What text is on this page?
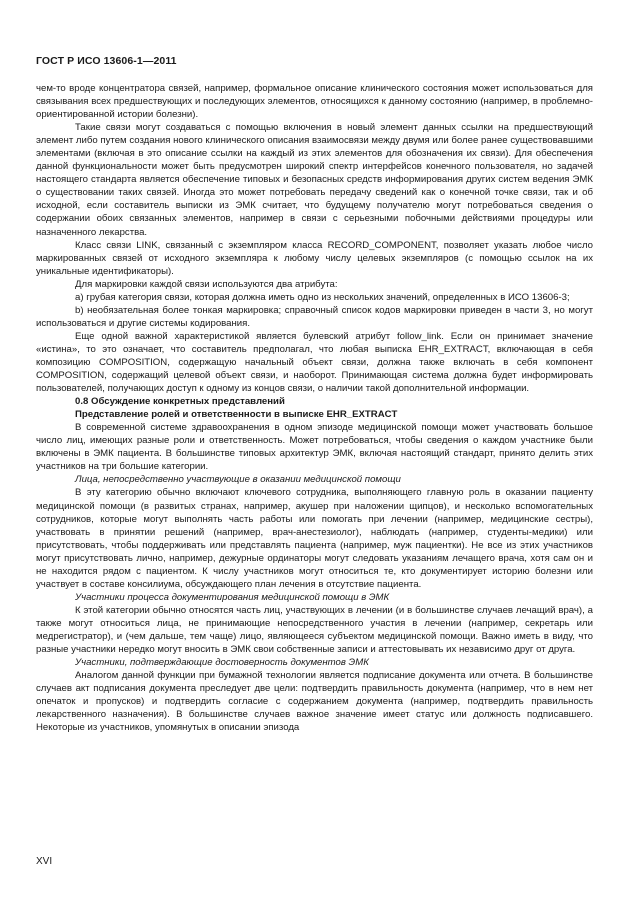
ГОСТ Р ИСО 13606-1—2011

чем-то вроде концентратора связей, например, формальное описание клинического состояния может использоваться для связывания всех предшествующих и последующих элементов, относящихся к данному состоянию (например, в проблемно-ориентированной истории болезни).

Такие связи могут создаваться с помощью включения в новый элемент данных ссылки на предшествующий элемент либо путем создания нового клинического описания взаимосвязи между двумя или более ранее существовавшими элементами (включая в это описание ссылки на каждый из этих элементов для обозначения их связи). Для обеспечения данной функциональности может быть предусмотрен широкий спектр интерфейсов конечного пользователя, но задачей настоящего стандарта является обеспечение типовых и безопасных средств информирования других систем ведения ЭМК о существовании таких связей. Иногда это может потребовать передачу сведений как о конечной точке связи, так и об исходной, если составитель выписки из ЭМК считает, что будущему получателю могут потребоваться сведения о содержании обоих связанных элементов, например в связи с серьезными побочными действиями процедуры или назначенного лекарства.

Класс связи LINK, связанный с экземпляром класса RECORD_COMPONENT, позволяет указать любое число маркированных связей от исходного экземпляра к любому числу целевых экземпляров (с помощью ссылок на их уникальные идентификаторы).

Для маркировки каждой связи используются два атрибута:

a) грубая категория связи, которая должна иметь одно из нескольких значений, определенных в ИСО 13606-3;

b) необязательная более тонкая маркировка; справочный список кодов маркировки приведен в части 3, но могут использоваться и другие системы кодирования.

Еще одной важной характеристикой является булевский атрибут follow_link. Если он принимает значение «истина», то это означает, что составитель предполагал, что любая выписка EHR_EXTRACT, включающая в себя композицию COMPOSITION, содержащую начальный объект связи, должна также включать в себя компонент COMPOSITION, содержащий целевой объект связи, и наоборот. Принимающая система должна будет информировать пользователей, получающих доступ к одному из концов связи, о наличии такой дополнительной информации.

0.8 Обсуждение конкретных представлений

Представление ролей и ответственности в выписке EHR_EXTRACT

В современной системе здравоохранения в одном эпизоде медицинской помощи может участвовать большое число лиц, имеющих разные роли и ответственность. Может потребоваться, чтобы сведения о каждом участнике были включены в ЭМК пациента. В большинстве типовых архитектур ЭМК, включая настоящий стандарт, принято делить этих участников на три большие категории.

Лица, непосредственно участвующие в оказании медицинской помощи

В эту категорию обычно включают ключевого сотрудника, выполняющего главную роль в оказании пациенту медицинской помощи (в развитых странах, например, акушер при наложении щипцов), и несколько вспомогательных сотрудников, которые могут выполнять часть работы или помогать при лечении (например, медицинские сестры), участвовать в принятии решений (например, врач-анестезиолог), наблюдать (например, студенты-медики) или присутствовать, чтобы поддерживать или представлять пациента (например, муж пациентки). Не все из этих участников могут присутствовать лично, например, дежурные ординаторы могут следовать указаниям лечащего врача, хотя сам он и не находится рядом с пациентом. К числу участников могут относиться те, кто документирует историю болезни или участвует в составе консилиума, обсуждающего план лечения в отсутствие пациента.

Участники процесса документирования медицинской помощи в ЭМК

К этой категории обычно относятся часть лиц, участвующих в лечении (и в большинстве случаев лечащий врач), а также могут относиться лица, не принимающие непосредственного участия в лечении (например, секретарь или медрегистратор), и (чем дальше, тем чаще) лицо, являющееся субъектом медицинской помощи. Важно иметь в виду, что разные участники нередко могут вносить в ЭМК свои собственные записи и аттестовывать их независимо друг от друга.

Участники, подтверждающие достоверность документов ЭМК

Аналогом данной функции при бумажной технологии является подписание документа или отчета. В большинстве случаев акт подписания документа преследует две цели: подтвердить правильность документа (например, что в нем нет опечаток и пропусков) и подтвердить согласие с содержанием документа (например, подтвердить правильность лекарственного назначения). В большинстве случаев важное значение имеет статус или должность подписавшего. Некоторые из участников, упомянутых в описании эпизода

XVI
